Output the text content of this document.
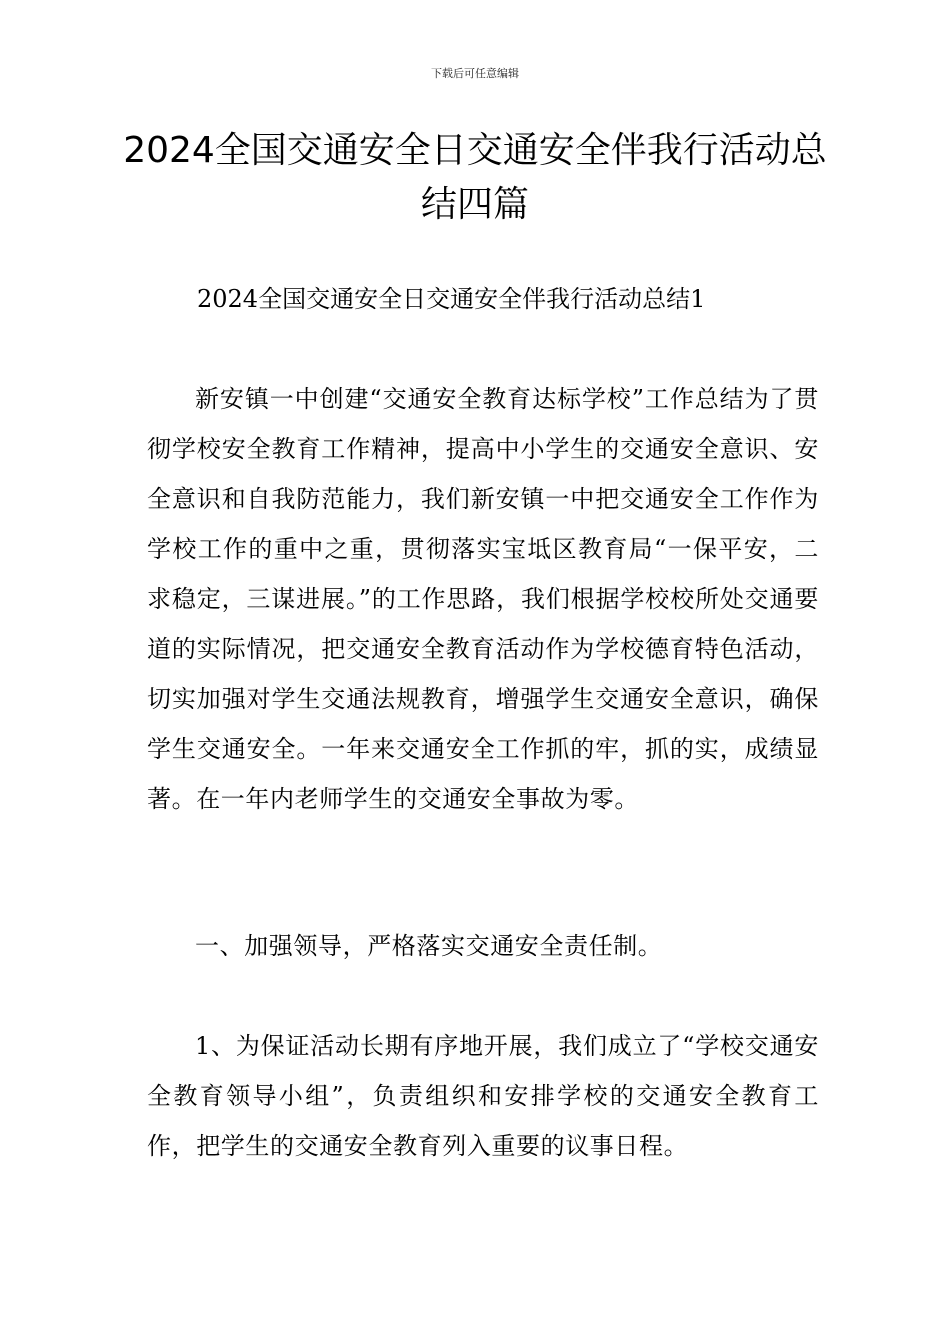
下载后可任意编辑
2024全国交通安全日交通安全伴我行活动总结四篇
2024全国交通安全日交通安全伴我行活动总结1

新安镇一中创建“交通安全教育达标学校”工作总结为了贯彻学校安全教育工作精神，提高中小学生的交通安全意识、安全意识和自我防范能力，我们新安镇一中把交通安全工作作为学校工作的重中之重，贯彻落实宝坻区教育局“一保平安，二求稳定，三谋进展。”的工作思路，我们根据学校校所处交通要道的实际情况，把交通安全教育活动作为学校德育特色活动，切实加强对学生交通法规教育，增强学生交通安全意识，确保学生交通安全。一年来交通安全工作抓的牢，抓的实，成绩显著。在一年内老师学生的交通安全事故为零。

一、加强领导，严格落实交通安全责任制。

1、为保证活动长期有序地开展，我们成立了“学校交通安全教育领导小组”，负责组织和安排学校的交通安全教育工作，把学生的交通安全教育列入重要的议事日程。
